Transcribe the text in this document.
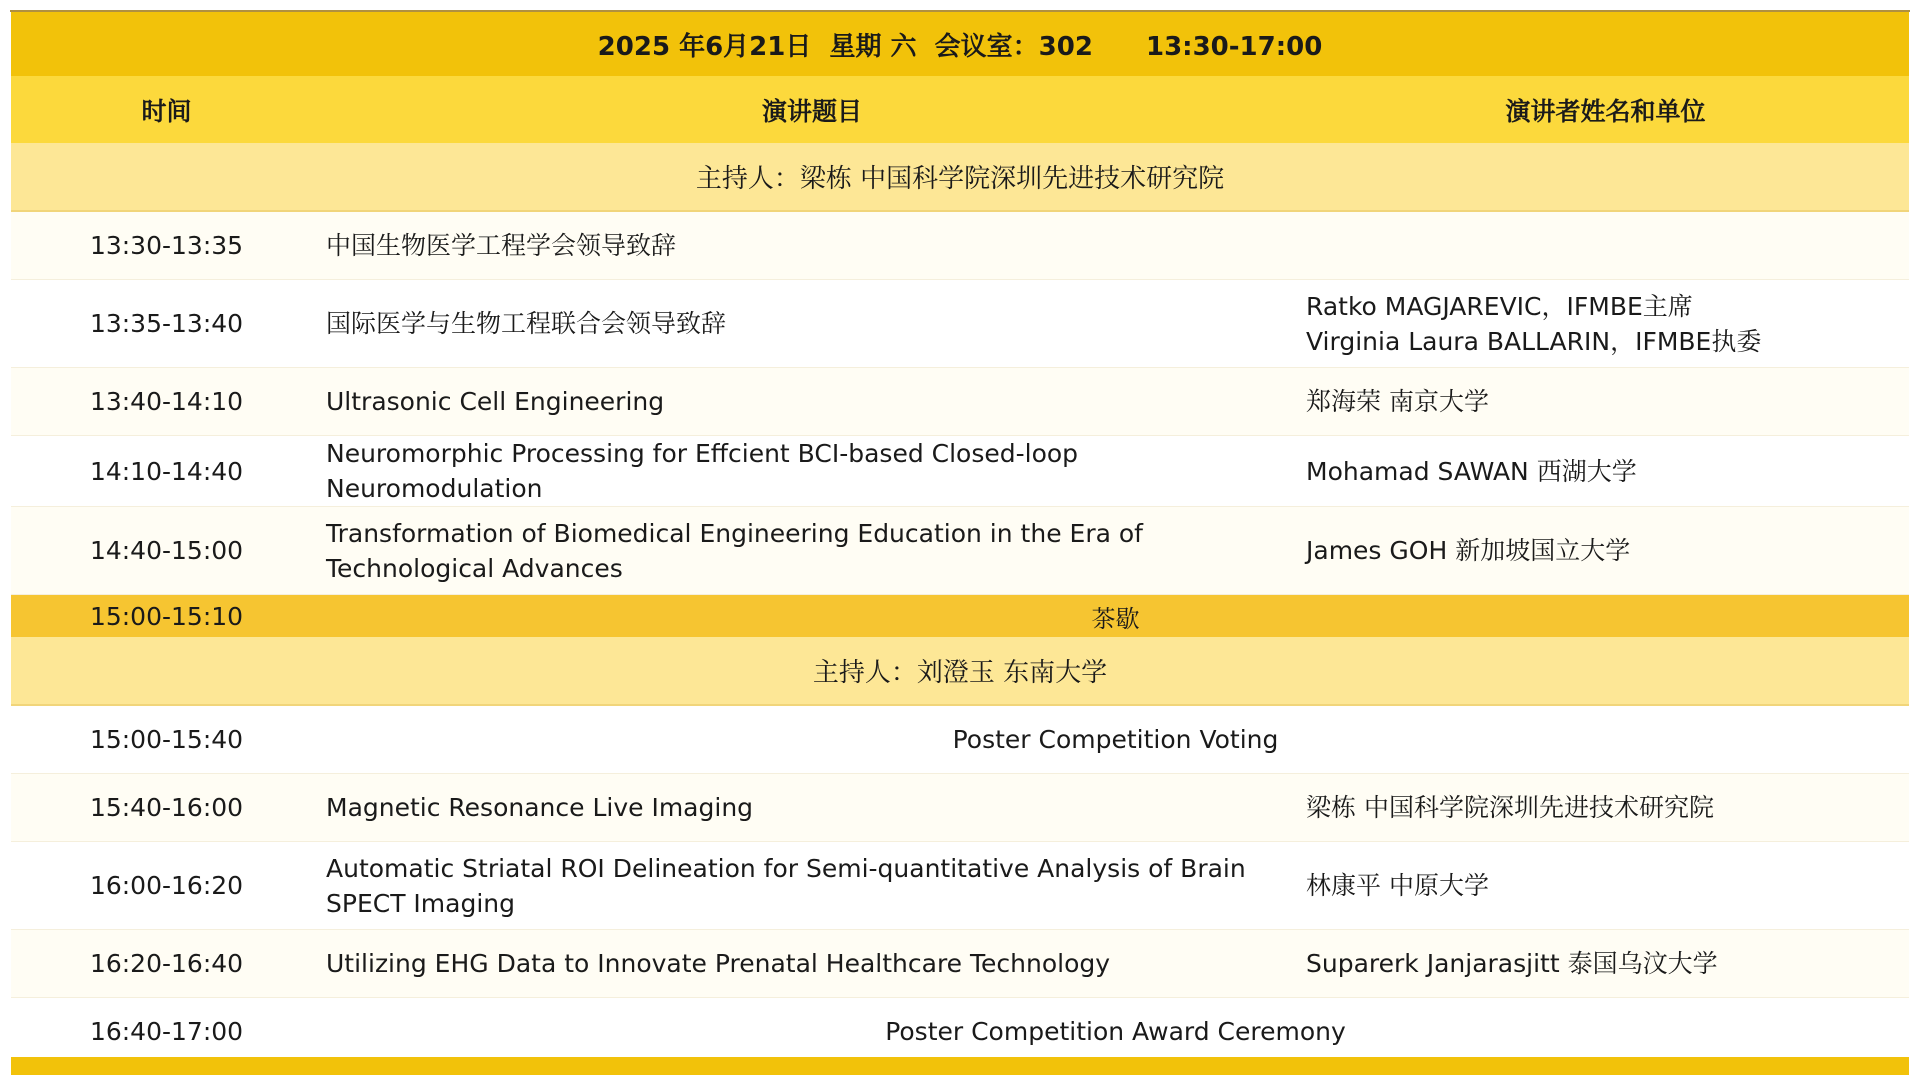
2025 年6月21日 星期 六 会议室：302 13:30-17:00		
时间	演讲题目	演讲者姓名和单位
主持人：梁栋 中国科学院深圳先进技术研究院		
13:30-13:35	中国生物医学工程学会领导致辞	
13:35-13:40	国际医学与生物工程联合会领导致辞	Ratko MAGJAREVIC，IFMBE主席
Virginia Laura BALLARIN，IFMBE执委

13:40-14:10	Ultrasonic Cell Engineering	郑海荣 南京大学
14:10-14:40	Neuromorphic Processing for Effcient BCI-based Closed-loop Neuromodulation	Mohamad SAWAN 西湖大学
14:40-15:00	Transformation of Biomedical Engineering Education in the Era of Technological Advances	James GOH 新加坡国立大学
15:00-15:10	茶歇	
主持人：刘澄玉 东南大学		
15:00-15:40	Poster Competition Voting	
15:40-16:00	Magnetic Resonance Live Imaging	梁栋 中国科学院深圳先进技术研究院
16:00-16:20	Automatic Striatal ROI Delineation for Semi-quantitative Analysis of Brain SPECT Imaging	林康平 中原大学
16:20-16:40	Utilizing EHG Data to Innovate Prenatal Healthcare Technology	Suparerk Janjarasjitt 泰国乌汶大学
16:40-17:00	Poster Competition Award Ceremony	
